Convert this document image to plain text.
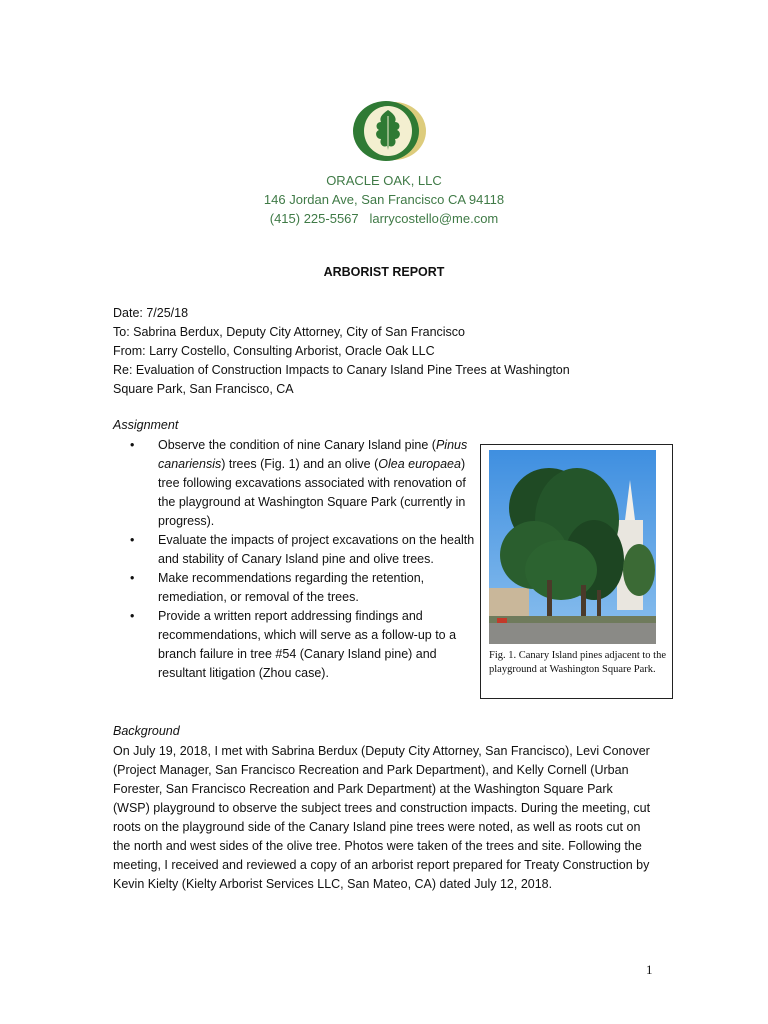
ORACLE OAK, LLC
146 Jordan Ave, San Francisco CA 94118
(415) 225-5567 larrycostello@me.com
ARBORIST REPORT
Date: 7/25/18
To: Sabrina Berdux, Deputy City Attorney, City of San Francisco
From: Larry Costello, Consulting Arborist, Oracle Oak LLC
Re: Evaluation of Construction Impacts to Canary Island Pine Trees at Washington
Square Park, San Francisco, CA
Assignment
• Observe the condition of nine Canary Island pine (Pinus canariensis) trees (Fig. 1) and an olive (Olea europaea) tree following excavations associated with renovation of the playground at Washington Square Park (currently in progress).
• Evaluate the impacts of project excavations on the health and stability of Canary Island pine and olive trees.
• Make recommendations regarding the retention, remediation, or removal of the trees.
• Provide a written report addressing findings and recommendations, which will serve as a follow-up to a branch failure in tree #54 (Canary Island pine) and resultant litigation (Zhou case).
Fig. 1. Canary Island pines adjacent to the playground at Washington Square Park.
Background
On July 19, 2018, I met with Sabrina Berdux (Deputy City Attorney, San Francisco), Levi Conover (Project Manager, San Francisco Recreation and Park Department), and Kelly Cornell (Urban Forester, San Francisco Recreation and Park Department) at the Washington Square Park (WSP) playground to observe the subject trees and construction impacts. During the meeting, cut roots on the playground side of the Canary Island pine trees were noted, as well as roots cut on the north and west sides of the olive tree. Photos were taken of the trees and site. Following the meeting, I received and reviewed a copy of an arborist report prepared for Treaty Construction by Kevin Kielty (Kielty Arborist Services LLC, San Mateo, CA) dated July 12, 2018.
1
